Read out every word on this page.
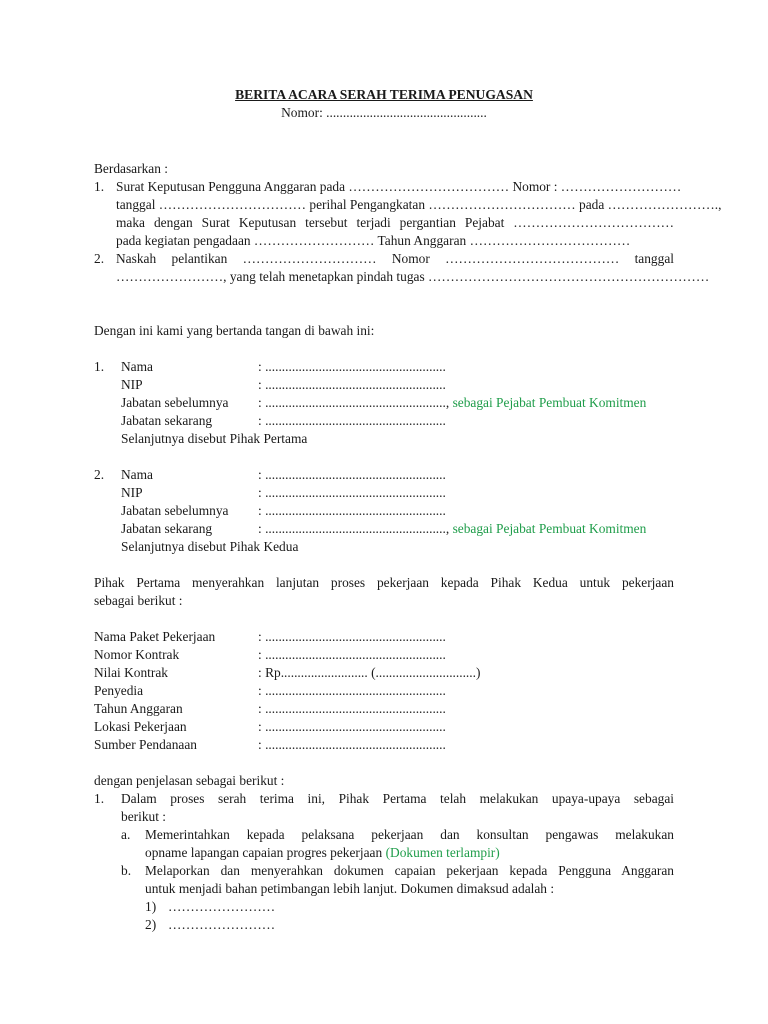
BERITA ACARA SERAH TERIMA PENUGASAN
Nomor: ................................................
Berdasarkan :
1. Surat Keputusan Pengguna Anggaran pada ……………………………… Nomor : ………………………
tanggal …………………………… perihal Pengangkatan …………………………… pada …………………….,
maka dengan Surat Keputusan tersebut terjadi pergantian Pejabat ………………………………
pada kegiatan pengadaan ……………………… Tahun Anggaran ………………………………
2. Naskah pelantikan ………………………… Nomor ………………………………… tanggal
……………………, yang telah menetapkan pindah tugas ………………………………………………………
Dengan ini kami yang bertanda tangan di bawah ini:
1. Nama	: ......................................................
NIP	: ......................................................
Jabatan sebelumnya : ......................................................, sebagai Pejabat Pembuat Komitmen
Jabatan sekarang	: ......................................................
Selanjutnya disebut Pihak Pertama
2. Nama	: ......................................................
NIP	: ......................................................
Jabatan sebelumnya : ......................................................
Jabatan sekarang	: ......................................................, sebagai Pejabat Pembuat Komitmen
Selanjutnya disebut Pihak Kedua
Pihak Pertama menyerahkan lanjutan proses pekerjaan kepada Pihak Kedua untuk pekerjaan
sebagai berikut :
Nama Paket Pekerjaan	: ......................................................
Nomor Kontrak	: ......................................................
Nilai Kontrak	: Rp.......................... (..............................)
Penyedia	: ......................................................
Tahun Anggaran	: ......................................................
Lokasi Pekerjaan	: ......................................................
Sumber Pendanaan	: ......................................................
dengan penjelasan sebagai berikut :
1. Dalam proses serah terima ini, Pihak Pertama telah melakukan upaya-upaya sebagai
berikut :
a. Memerintahkan kepada pelaksana pekerjaan dan konsultan pengawas melakukan
opname lapangan capaian progres pekerjaan (Dokumen terlampir)
b. Melaporkan dan menyerahkan dokumen capaian pekerjaan kepada Pengguna Anggaran
untuk menjadi bahan petimbangan lebih lanjut. Dokumen dimaksud adalah :
1) ……………………
2) ……………………
